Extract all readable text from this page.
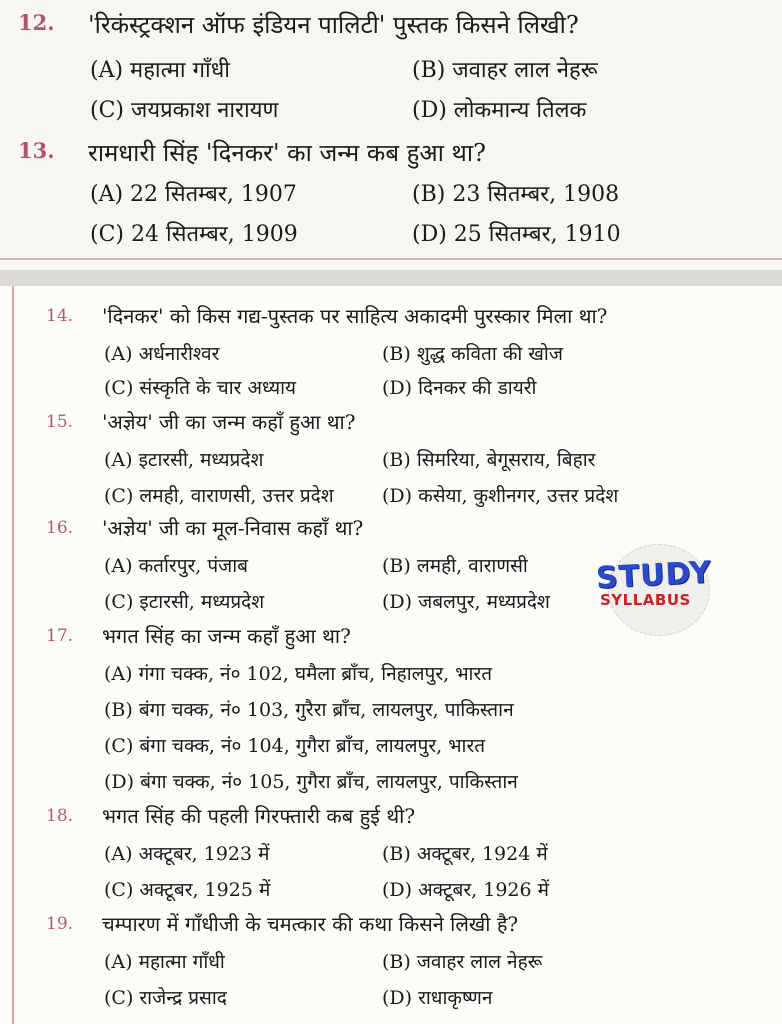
12. 'रिकंस्ट्रक्शन ऑफ इंडियन पालिटी' पुस्तक किसने लिखी?
(A) महात्मा गाँधी	(B) जवाहर लाल नेहरू
(C) जयप्रकाश नारायण	(D) लोकमान्य तिलक
13. रामधारी सिंह 'दिनकर' का जन्म कब हुआ था?
(A) 22 सितम्बर, 1907	(B) 23 सितम्बर, 1908
(C) 24 सितम्बर, 1909	(D) 25 सितम्बर, 1910
14. 'दिनकर' को किस गद्य-पुस्तक पर साहित्य अकादमी पुरस्कार मिला था?
(A) अर्धनारीश्वर	(B) शुद्ध कविता की खोज
(C) संस्कृति के चार अध्याय	(D) दिनकर की डायरी
15. 'अज्ञेय' जी का जन्म कहाँ हुआ था?
(A) इटारसी, मध्यप्रदेश	(B) सिमरिया, बेगूसराय, बिहार
(C) लमही, वाराणसी, उत्तर प्रदेश	(D) कसेया, कुशीनगर, उत्तर प्रदेश
16. 'अज्ञेय' जी का मूल-निवास कहाँ था?
(A) कर्तारपुर, पंजाब	(B) लमही, वाराणसी
(C) इटारसी, मध्यप्रदेश	(D) जबलपुर, मध्यप्रदेश
17. भगत सिंह का जन्म कहाँ हुआ था?
(A) गंगा चक्क, नं० 102, घमैला ब्राँच, निहालपुर, भारत
(B) बंगा चक्क, नं० 103, गुरैरा ब्राँच, लायलपुर, पाकिस्तान
(C) बंगा चक्क, नं० 104, गुगैरा ब्राँच, लायलपुर, भारत
(D) बंगा चक्क, नं० 105, गुगैरा ब्राँच, लायलपुर, पाकिस्तान
18. भगत सिंह की पहली गिरफ्तारी कब हुई थी?
(A) अक्टूबर, 1923 में	(B) अक्टूबर, 1924 में
(C) अक्टूबर, 1925 में	(D) अक्टूबर, 1926 में
19. चम्पारण में गाँधीजी के चमत्कार की कथा किसने लिखी है?
(A) महात्मा गाँधी	(B) जवाहर लाल नेहरू
(C) राजेन्द्र प्रसाद	(D) राधाकृष्णन
STUDY
SYLLABUS
